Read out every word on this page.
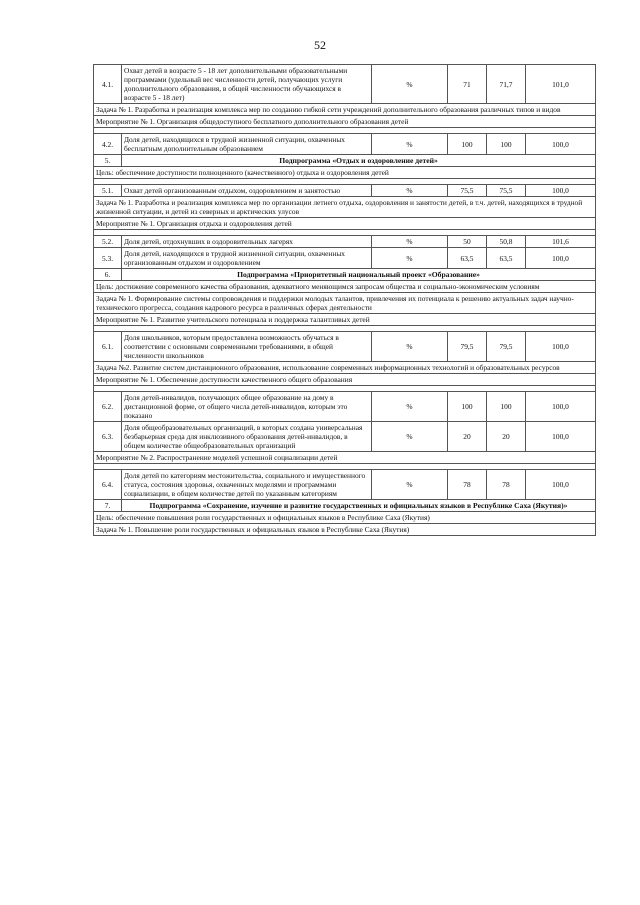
52
4.1.	Охват детей в возрасте 5 - 18 лет дополнительными образовательными программами (удельный вес численности детей, получающих услуги дополнительного образования, в общей численности обучающихся в возрасте 5 - 18 лет)	%	71	71,7	101,0
Задача № 1. Разработка и реализация комплекса мер по созданию гибкой сети учреждений дополнительного образования различных типов и видов					
Мероприятие № 1. Организация общедоступного бесплатного дополнительного образования детей					

4.2.	Доля детей, находящихся в трудной жизненной ситуации, охваченных бесплатным дополнительным образованием	%	100	100	100,0
5.	Подпрограмма «Отдых и оздоровление детей»				
Цель: обеспечение доступности полноценного (качественного) отдыха и оздоровления детей					

5.1.	Охват детей организованным отдыхом, оздоровлением и занятостью	%	75,5	75,5	100,0
Задача № 1. Разработка и реализация комплекса мер по организации летнего отдыха, оздоровления и занятости детей, в т.ч. детей, находящихся в трудной жизненной ситуации, и детей из северных и арктических улусов					
Мероприятие № 1. Организация отдыха и оздоровления детей					

5.2.	Доля детей, отдохнувших в оздоровительных лагерях	%	50	50,8	101,6
5.3.	Доля детей, находящихся в трудной жизненной ситуации, охваченных организованным отдыхом и оздоровлением	%	63,5	63,5	100,0
6.	Подпрограмма «Приоритетный национальный проект «Образование»				
Цель: достижение современного качества образования, адекватного меняющимся запросам общества и социально-экономическим условиям					
Задача № 1. Формирование системы сопровождения и поддержки молодых талантов, привлечения их потенциала к решению актуальных задач научно-технического прогресса, создания кадрового ресурса в различных сферах деятельности					
Мероприятие № 1. Развитие учительского потенциала и поддержка талантливых детей					

6.1.	Доля школьников, которым предоставлена возможность обучаться в соответствии с основными современными требованиями, в общей численности школьников	%	79,5	79,5	100,0
Задача №2. Развитие систем дистанционного образования, использование современных информационных технологий и образовательных ресурсов					
Мероприятие № 1. Обеспечение доступности качественного общего образования					

6.2.	Доля детей-инвалидов, получающих общее образование на дому в дистанционной форме, от общего числа детей-инвалидов, которым это показано	%	100	100	100,0
6.3.	Доля общеобразовательных организаций, в которых создана универсальная безбарьерная среда для инклюзивного образования детей-инвалидов, в общем количестве общеобразовательных организаций	%	20	20	100,0
Мероприятие № 2. Распространение моделей успешной социализации детей					

6.4.	Доля детей по категориям местожительства, социального и имущественного статуса, состояния здоровья, охваченных моделями и программами социализации, в общем количестве детей по указанным категориям	%	78	78	100,0
7.	Подпрограмма «Сохранение, изучение и развитие государственных и официальных языков в Республике Саха (Якутия)»				
Цель: обеспечение повышения роли государственных и официальных языков в Республике Саха (Якутия)					
Задача № 1. Повышение роли государственных и официальных языков в Республике Саха (Якутия)					
